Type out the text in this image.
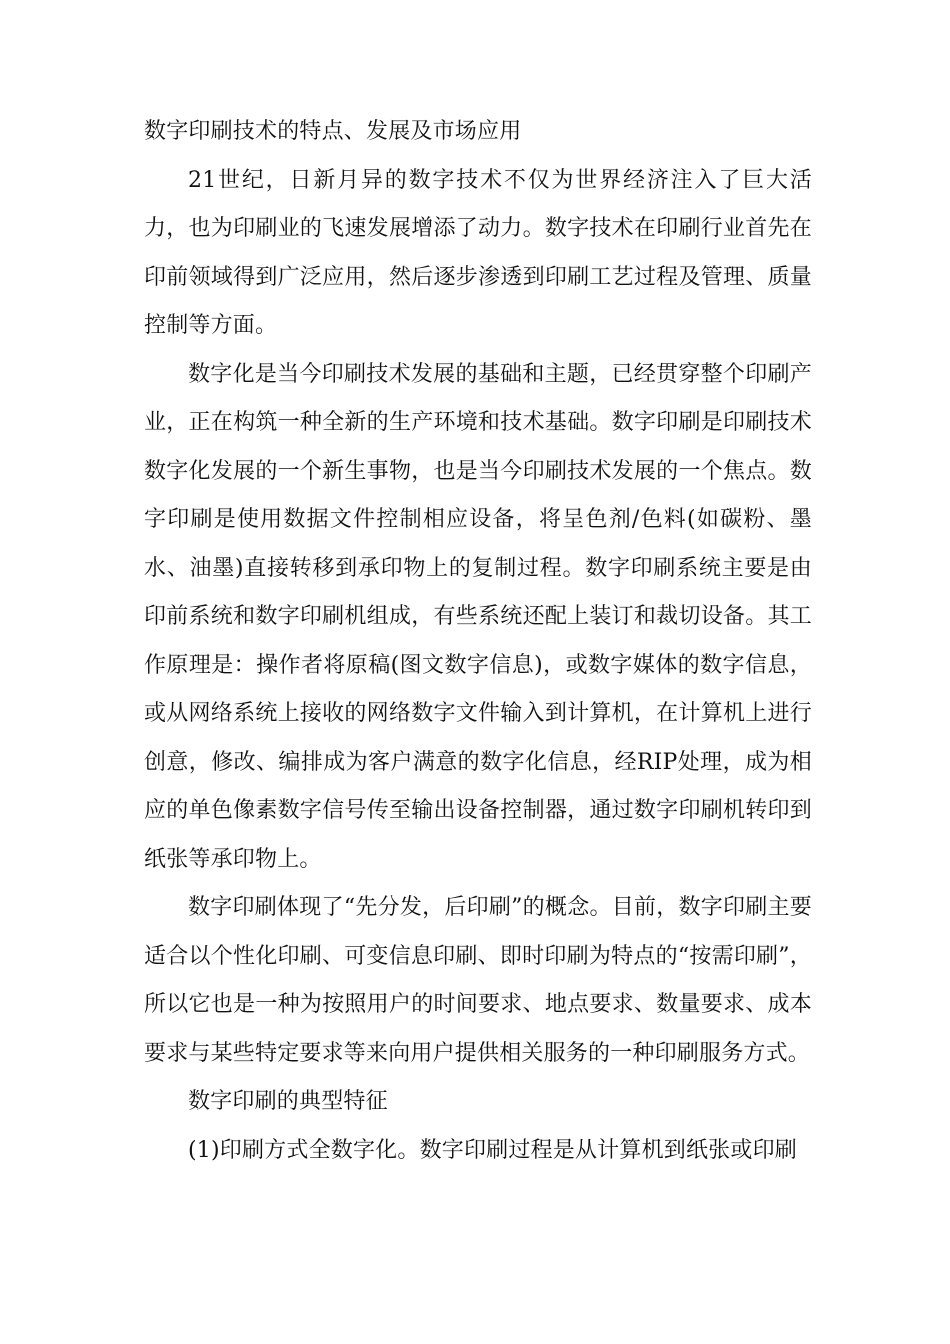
数字印刷技术的特点、发展及市场应用

21世纪，日新月异的数字技术不仅为世界经济注入了巨大活力，也为印刷业的飞速发展增添了动力。数字技术在印刷行业首先在印前领域得到广泛应用，然后逐步渗透到印刷工艺过程及管理、质量控制等方面。

数字化是当今印刷技术发展的基础和主题，已经贯穿整个印刷产业，正在构筑一种全新的生产环境和技术基础。数字印刷是印刷技术数字化发展的一个新生事物，也是当今印刷技术发展的一个焦点。数字印刷是使用数据文件控制相应设备，将呈色剂/色料(如碳粉、墨水、油墨)直接转移到承印物上的复制过程。数字印刷系统主要是由印前系统和数字印刷机组成，有些系统还配上装订和裁切设备。其工作原理是：操作者将原稿(图文数字信息)，或数字媒体的数字信息，或从网络系统上接收的网络数字文件输入到计算机，在计算机上进行创意，修改、编排成为客户满意的数字化信息，经RIP处理，成为相应的单色像素数字信号传至输出设备控制器，通过数字印刷机转印到纸张等承印物上。

数字印刷体现了“先分发，后印刷”的概念。目前，数字印刷主要适合以个性化印刷、可变信息印刷、即时印刷为特点的“按需印刷”，所以它也是一种为按照用户的时间要求、地点要求、数量要求、成本要求与某些特定要求等来向用户提供相关服务的一种印刷服务方式。

数字印刷的典型特征

(1)印刷方式全数字化。数字印刷过程是从计算机到纸张或印刷
